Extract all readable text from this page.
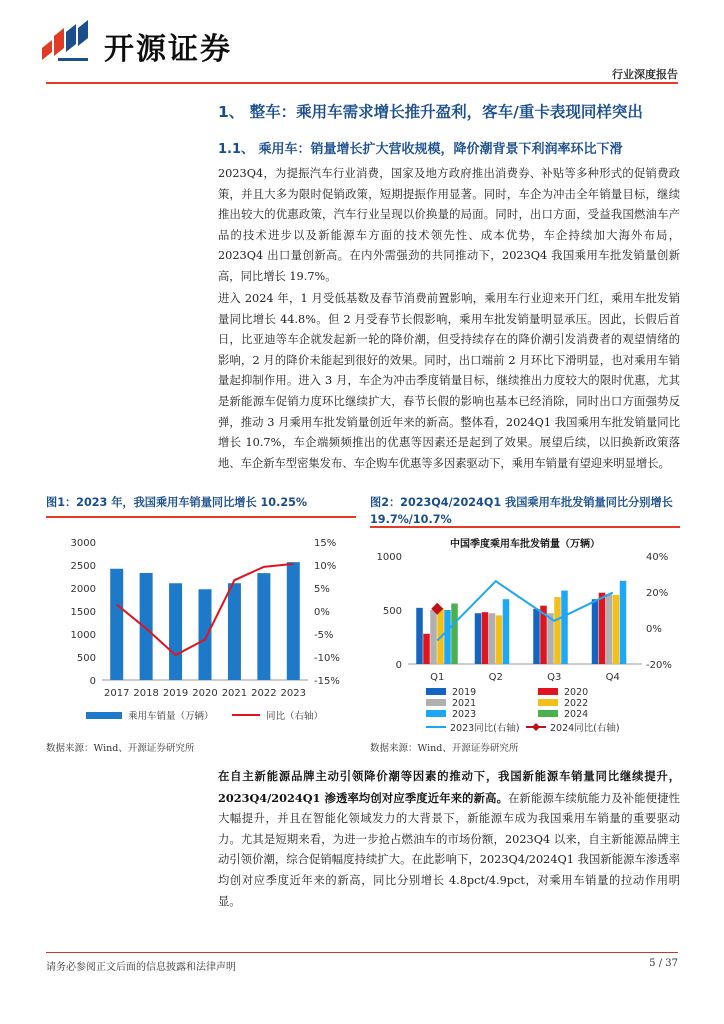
开源证券
行业深度报告
1、 整车：乘用车需求增长推升盈利，客车/重卡表现同样突出
1.1、 乘用车：销量增长扩大营收规模，降价潮背景下利润率环比下滑
2023Q4，为提振汽车行业消费，国家及地方政府推出消费券、补贴等多种形式的促销费政策，并且大多为限时促销政策，短期提振作用显著。同时，车企为冲击全年销量目标，继续推出较大的优惠政策，汽车行业呈现以价换量的局面。同时，出口方面，受益我国燃油车产品的技术进步以及新能源车方面的技术领先性、成本优势，车企持续加大海外布局，2023Q4 出口量创新高。在内外需强劲的共同推动下，2023Q4 我国乘用车批发销量创新高，同比增长 19.7%。
进入 2024 年，1 月受低基数及春节消费前置影响，乘用车行业迎来开门红，乘用车批发销量同比增长 44.8%。但 2 月受春节长假影响，乘用车批发销量明显承压。因此，长假后首日，比亚迪等车企就发起新一轮的降价潮，但受持续存在的降价潮引发消费者的观望情绪的影响，2 月的降价未能起到很好的效果。同时，出口端前 2 月环比下滑明显，也对乘用车销量起抑制作用。进入 3 月，车企为冲击季度销量目标，继续推出力度较大的限时优惠，尤其是新能源车促销力度环比继续扩大，春节长假的影响也基本已经消除，同时出口方面强势反弹，推动 3 月乘用车批发销量创近年来的新高。整体看，2024Q1 我国乘用车批发销量同比增长 10.7%，车企端频频推出的优惠等因素还是起到了效果。展望后续，以旧换新政策落地、车企新车型密集发布、车企购车优惠等多因素驱动下，乘用车销量有望迎来明显增长。
图1：2023 年，我国乘用车销量同比增长 10.25%
0
500
1000
1500
2000
2500
3000
-15%
-10%
-5%
0%
5%
10%
15%
2017 2018 2019 2020 2021 2022 2023
乘用车销量（万辆）	同比（右轴）
数据来源：Wind、开源证券研究所
图2：2023Q4/2024Q1 我国乘用车批发销量同比分别增长 19.7%/10.7%
中国季度乘用车批发销量（万辆）
0
500
1000
-20%
0%
20%
40%
Q1	Q2	Q3	Q4
2019	2020
2021	2022
2023	2024
2023同比(右轴)	2024同比(右轴)
数据来源：Wind、开源证券研究所
在自主新能源品牌主动引领降价潮等因素的推动下，我国新能源车销量同比继续提升，2023Q4/2024Q1 渗透率均创对应季度近年来的新高。在新能源车续航能力及补能便捷性大幅提升，并且在智能化领域发力的大背景下，新能源车成为我国乘用车销量的重要驱动力。尤其是短期来看，为进一步抢占燃油车的市场份额，2023Q4 以来，自主新能源品牌主动引领价潮，综合促销幅度持续扩大。在此影响下，2023Q4/2024Q1 我国新能源车渗透率均创对应季度近年来的新高，同比分别增长 4.8pct/4.9pct，对乘用车销量的拉动作用明显。
请务必参阅正文后面的信息披露和法律声明	5 / 37
